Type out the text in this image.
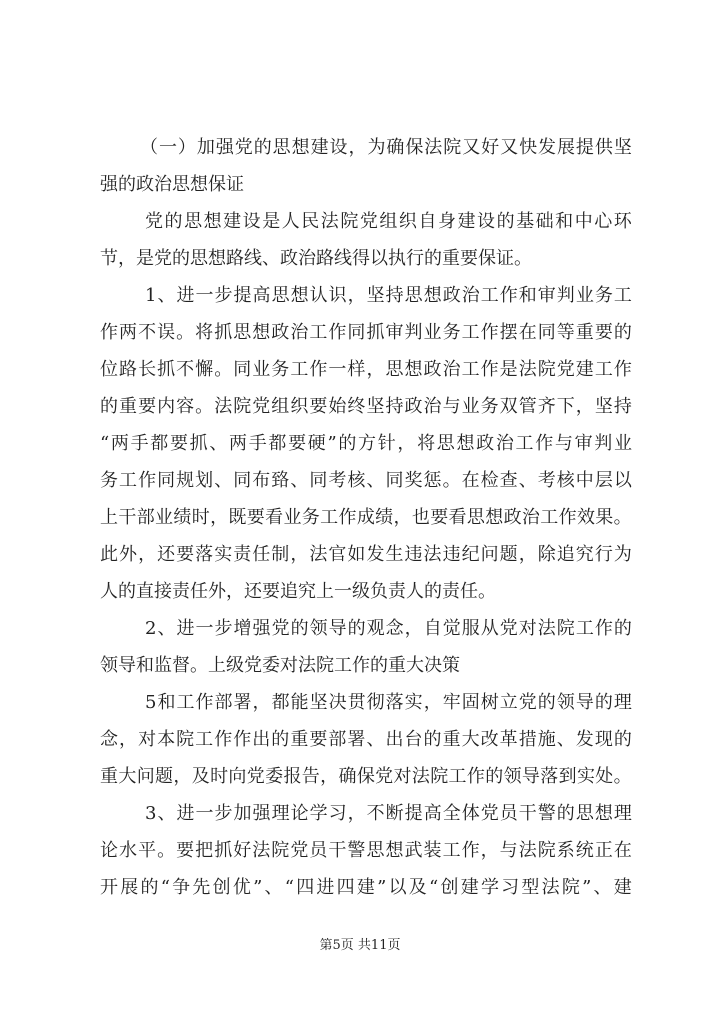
（ 一 ） 加 强 党 的 思 想 建 设 ， 为 确 保 法 院 又 好 又 快 发 展 提 供 坚
强的政治思想保证
党 的 思 想 建 设 是 人 民 法 院 党 组 织 自 身 建 设 的 基 础 和 中 心 环
节，是党的思想路线、政治路线得以执行的重要保证。
1 、 进 一 步 提 高 思 想 认 识 ， 坚 持 思 想 政 治 工 作 和 审 判 业 务 工
作 两 不 误 。 将 抓 思 想 政 治 工 作 同 抓 审 判 业 务 工 作 摆 在 同 等 重 要 的
位 路 长 抓 不 懈 。 同 业 务 工 作 一 样 ， 思 想 政 治 工 作 是 法 院 党 建 工 作
的 重 要 内 容 。 法 院 党 组 织 要 始 终 坚 持 政 治 与 业 务 双 管 齐 下 ， 坚 持
“ 两 手 都 要 抓 、 两 手 都 要 硬 ” 的 方 针 ， 将 思 想 政 治 工 作 与 审 判 业
务 工 作 同 规 划 、 同 布 臵 、 同 考 核 、 同 奖 惩 。 在 检 查 、 考 核 中 层 以
上 干 部 业 绩 时 ， 既 要 看 业 务 工 作 成 绩 ， 也 要 看 思 想 政 治 工 作 效 果 。
此 外 ， 还 要 落 实 责 任 制 ， 法 官 如 发 生 违 法 违 纪 问 题 ， 除 追 究 行 为
人的直接责任外，还要追究上一级负责人的责任。
2 、 进 一 步 增 强 党 的 领 导 的 观 念 ， 自 觉 服 从 党 对 法 院 工 作 的
领导和监督。上级党委对法院工作的重大决策
5 和 工 作 部 署 ， 都 能 坚 决 贯 彻 落 实 ， 牢 固 树 立 党 的 领 导 的 理
念 ， 对 本 院 工 作 作 出 的 重 要 部 署 、 出 台 的 重 大 改 革 措 施 、 发 现 的
重 大 问 题 ， 及 时 向 党 委 报 告 ， 确 保 党 对 法 院 工 作 的 领 导 落 到 实 处 。
3 、 进 一 步 加 强 理 论 学 习 ， 不 断 提 高 全 体 党 员 干 警 的 思 想 理
论 水 平 。 要 把 抓 好 法 院 党 员 干 警 思 想 武 装 工 作 ， 与 法 院 系 统 正 在
开 展 的 “ 争 先 创 优 ” 、 “ 四 进 四 建 ” 以 及 “ 创 建 学 习 型 法 院 ” 、 建
第5页 共11页
